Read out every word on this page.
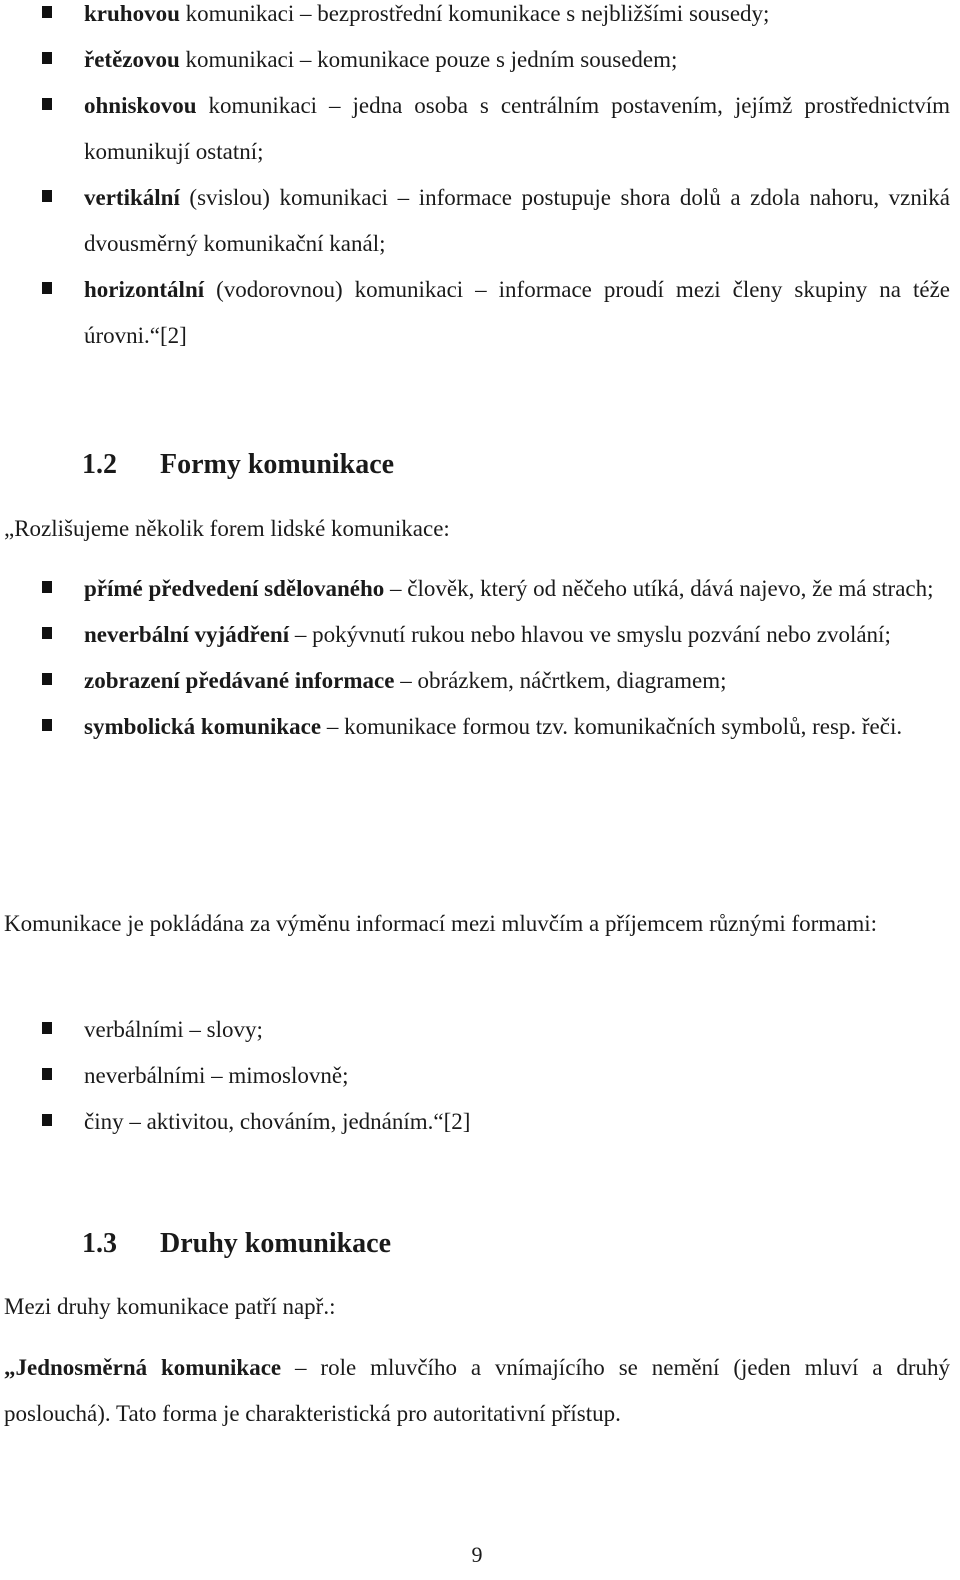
kruhovou komunikaci – bezprostřední komunikace s nejbližšími sousedy;
řetězovou komunikaci – komunikace pouze s jedním sousedem;
ohniskovou komunikaci – jedna osoba s centrálním postavením, jejímž prostřednictvím komunikují ostatní;
vertikální (svislou) komunikaci – informace postupuje shora dolů a zdola nahoru, vzniká dvousměrný komunikační kanál;
horizontální (vodorovnou) komunikaci – informace proudí mezi členy skupiny na téže úrovni.“[2]
1.2 Formy komunikace
„Rozlišujeme několik forem lidské komunikace:
přímé předvedení sdělovaného – člověk, který od něčeho utíká, dává najevo, že má strach;
neverbální vyjádření – pokývnutí rukou nebo hlavou ve smyslu pozvání nebo zvolání;
zobrazení předávané informace – obrázkem, náčrtkem, diagramem;
symbolická komunikace – komunikace formou tzv. komunikačních symbolů, resp. řeči.
Komunikace je pokládána za výměnu informací mezi mluvčím a příjemcem různými formami:
verbálními – slovy;
neverbálními – mimoslovně;
činy – aktivitou, chováním, jednáním.“[2]
1.3 Druhy komunikace
Mezi druhy komunikace patří např.:
„Jednosměrná komunikace – role mluvčího a vnímajícího se nemění (jeden mluví a druhý poslouchá). Tato forma je charakteristická pro autoritativní přístup.
9
